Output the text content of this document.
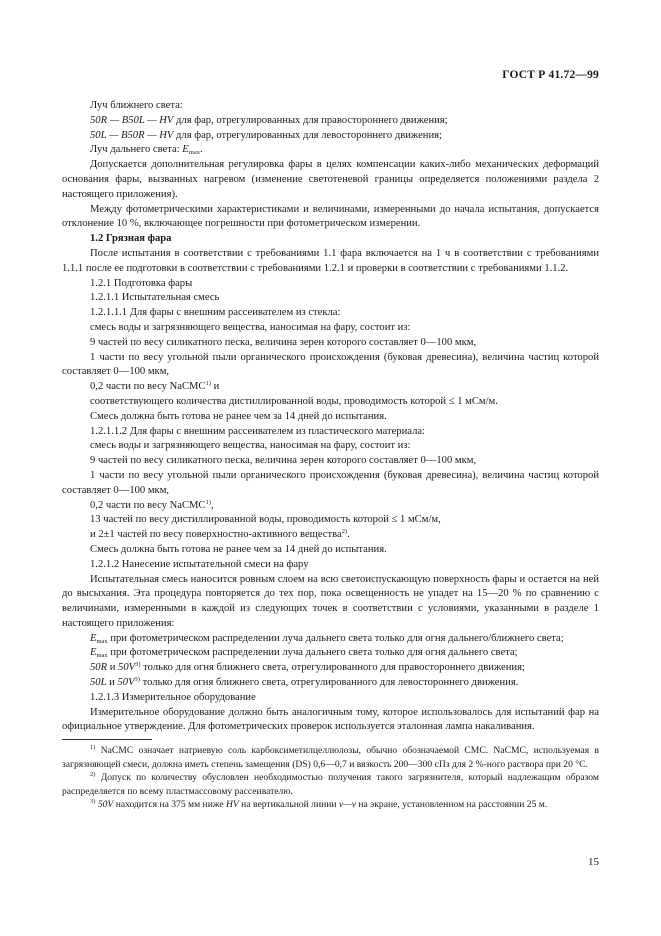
ГОСТ Р 41.72—99
Луч ближнего света:
50R — B50L — HV для фар, отрегулированных для правостороннего движения;
50L — B50R — HV для фар, отрегулированных для левостороннего движения;
Луч дальнего света: $E_{max}$.
Допускается дополнительная регулировка фары в целях компенсации каких-либо механических деформаций основания фары, вызванных нагревом (изменение светотеневой границы определяется положениями раздела 2 настоящего приложения).
Между фотометрическими характеристиками и величинами, измеренными до начала испытания, допускается отклонение 10 %, включающее погрешности при фотометрическом измерении.
1.2 Грязная фара
После испытания в соответствии с требованиями 1.1 фара включается на 1 ч в соответствии с требованиями 1.1.1 после ее подготовки в соответствии с требованиями 1.2.1 и проверки в соответствии с требованиями 1.1.2.
1.2.1 Подготовка фары
1.2.1.1 Испытательная смесь
1.2.1.1.1 Для фары с внешним рассеивателем из стекла:
смесь воды и загрязняющего вещества, наносимая на фару, состоит из:
9 частей по весу силикатного песка, величина зерен которого составляет 0—100 мкм,
1 части по весу угольной пыли органического происхождения (буковая древесина), величина частиц которой составляет 0—100 мкм,
0,2 части по весу NaCMC$^{1)}$ и
соответствующего количества дистиллированной воды, проводимость которой ≤ 1 мСм/м.
Смесь должна быть готова не ранее чем за 14 дней до испытания.
1.2.1.1.2 Для фары с внешним рассеивателем из пластического материала:
смесь воды и загрязняющего вещества, наносимая на фару, состоит из:
9 частей по весу силикатного песка, величина зерен которого составляет 0—100 мкм,
1 части по весу угольной пыли органического происхождения (буковая древесина), величина частиц которой составляет 0—100 мкм,
0,2 части по весу NaCMC$^{1)}$,
13 частей по весу дистиллированной воды, проводимость которой ≤ 1 мСм/м,
и 2±1 частей по весу поверхностно-активного вещества$^{2)}$.
Смесь должна быть готова не ранее чем за 14 дней до испытания.
1.2.1.2 Нанесение испытательной смеси на фару
Испытательная смесь наносится ровным слоем на всю светоиспускающую поверхность фары и остается на ней до высыхания. Эта процедура повторяется до тех пор, пока освещенность не упадет на 15—20 % по сравнению с величинами, измеренными в каждой из следующих точек в соответствии с условиями, указанными в разделе 1 настоящего приложения:
$E_{max}$ при фотометрическом распределении луча дальнего света только для огня дальнего/ближнего света;
$E_{max}$ при фотометрическом распределении луча дальнего света только для огня дальнего света;
50R и $50V^{3)}$ только для огня ближнего света, отрегулированного для правостороннего движения;
50L и $50V^{3)}$ только для огня ближнего света, отрегулированного для левостороннего движения.
1.2.1.3 Измерительное оборудование
Измерительное оборудование должно быть аналогичным тому, которое использовалось для испытаний фар на официальное утверждение. Для фотометрических проверок используется эталонная лампа накаливания.
$^{1)}$ NaCMC означает натриевую соль карбоксиметилцеллюлозы, обычно обозначаемой СМС. NaCMC, используемая в загрязняющей смеси, должна иметь степень замещения (DS) 0,6—0,7 и вязкость 200—300 сПз для 2 %-ного раствора при 20 °С.
$^{2)}$ Допуск по количеству обусловлен необходимостью получения такого загрязнителя, который надлежащим образом распределяется по всему пластмассовому рассеивателю.
$^{3)}$ 50V находится на 375 мм ниже HV на вертикальной линии v—v на экране, установленном на расстоянии 25 м.
15
